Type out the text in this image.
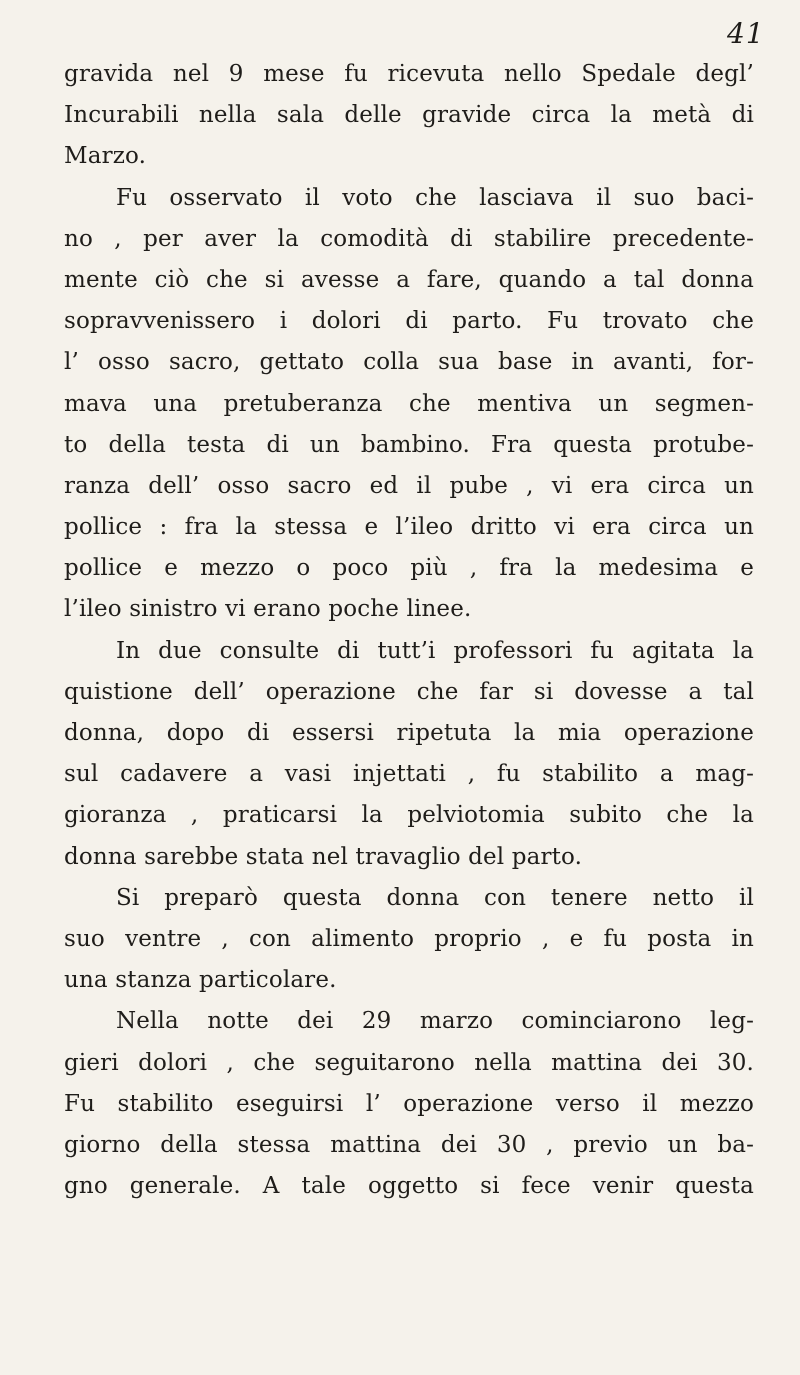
41
gravida nel 9 mese fu ricevuta nello Spedale degl’
Incurabili nella sala delle gravide circa la metà di
Marzo.
Fu osservato il voto che lasciava il suo baci-
no , per aver la comodità di stabilire precedente-
mente ciò che si avesse a fare, quando a tal donna
sopravvenissero i dolori di parto. Fu trovato che
l’ osso sacro, gettato colla sua base in avanti, for-
mava una pretuberanza che mentiva un segmen-
to della testa di un bambino. Fra questa protube-
ranza dell’ osso sacro ed il pube , vi era circa un
pollice : fra la stessa e l’ileo dritto vi era circa un
pollice e mezzo o poco più , fra la medesima e
l’ileo sinistro vi erano poche linee.
In due consulte di tutt’i professori fu agitata la
quistione dell’ operazione che far si dovesse a tal
donna, dopo di essersi ripetuta la mia operazione
sul cadavere a vasi injettati , fu stabilito a mag-
gioranza , praticarsi la pelviotomia subito che la
donna sarebbe stata nel travaglio del parto.
Si preparò questa donna con tenere netto il
suo ventre , con alimento proprio , e fu posta in
una stanza particolare.
Nella notte dei 29 marzo cominciarono leg-
gieri dolori , che seguitarono nella mattina dei 30.
Fu stabilito eseguirsi l’ operazione verso il mezzo
giorno della stessa mattina dei 30 , previo un ba-
gno generale. A tale oggetto si fece venir questa
